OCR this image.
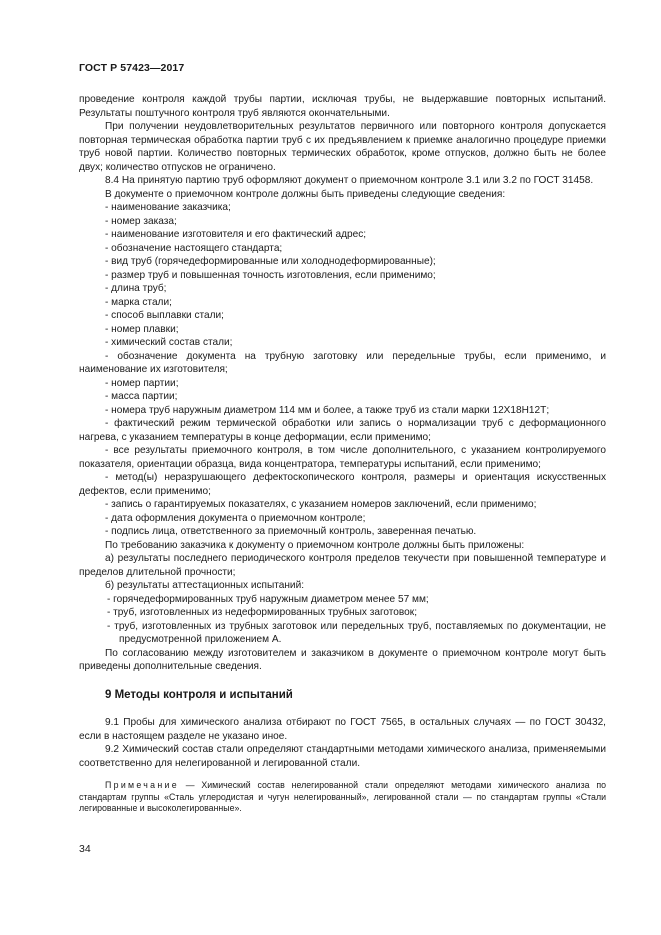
ГОСТ Р 57423—2017

проведение контроля каждой трубы партии, исключая трубы, не выдержавшие повторных испытаний. Результаты поштучного контроля труб являются окончательными.

При получении неудовлетворительных результатов первичного или повторного контроля допускается повторная термическая обработка партии труб с их предъявлением к приемке аналогично процедуре приемки труб новой партии. Количество повторных термических обработок, кроме отпусков, должно быть не более двух; количество отпусков не ограничено.

8.4 На принятую партию труб оформляют документ о приемочном контроле 3.1 или 3.2 по ГОСТ 31458.

В документе о приемочном контроле должны быть приведены следующие сведения:

- наименование заказчика;

- номер заказа;

- наименование изготовителя и его фактический адрес;

- обозначение настоящего стандарта;

- вид труб (горячедеформированные или холоднодеформированные);

- размер труб и повышенная точность изготовления, если применимо;

- длина труб;

- марка стали;

- способ выплавки стали;

- номер плавки;

- химический состав стали;

- обозначение документа на трубную заготовку или передельные трубы, если применимо, и наименование их изготовителя;

- номер партии;

- масса партии;

- номера труб наружным диаметром 114 мм и более, а также труб из стали марки 12Х18Н12Т;

- фактический режим термической обработки или запись о нормализации труб с деформационного нагрева, с указанием температуры в конце деформации, если применимо;

- все результаты приемочного контроля, в том числе дополнительного, с указанием контролируемого показателя, ориентации образца, вида концентратора, температуры испытаний, если применимо;

- метод(ы) неразрушающего дефектоскопического контроля, размеры и ориентация искусственных дефектов, если применимо;

- запись о гарантируемых показателях, с указанием номеров заключений, если применимо;

- дата оформления документа о приемочном контроле;

- подпись лица, ответственного за приемочный контроль, заверенная печатью.

По требованию заказчика к документу о приемочном контроле должны быть приложены:

а) результаты последнего периодического контроля пределов текучести при повышенной температуре и пределов длительной прочности;

б) результаты аттестационных испытаний:

- горячедеформированных труб наружным диаметром менее 57 мм;

- труб, изготовленных из недеформированных трубных заготовок;

- труб, изготовленных из трубных заготовок или передельных труб, поставляемых по документации, не предусмотренной приложением А.

По согласованию между изготовителем и заказчиком в документе о приемочном контроле могут быть приведены дополнительные сведения.

9 Методы контроля и испытаний

9.1 Пробы для химического анализа отбирают по ГОСТ 7565, в остальных случаях — по ГОСТ 30432, если в настоящем разделе не указано иное.

9.2 Химический состав стали определяют стандартными методами химического анализа, применяемыми соответственно для нелегированной и легированной стали.

Примечание — Химический состав нелегированной стали определяют методами химического анализа по стандартам группы «Сталь углеродистая и чугун нелегированный», легированной стали — по стандартам группы «Стали легированные и высоколегированные».

34
